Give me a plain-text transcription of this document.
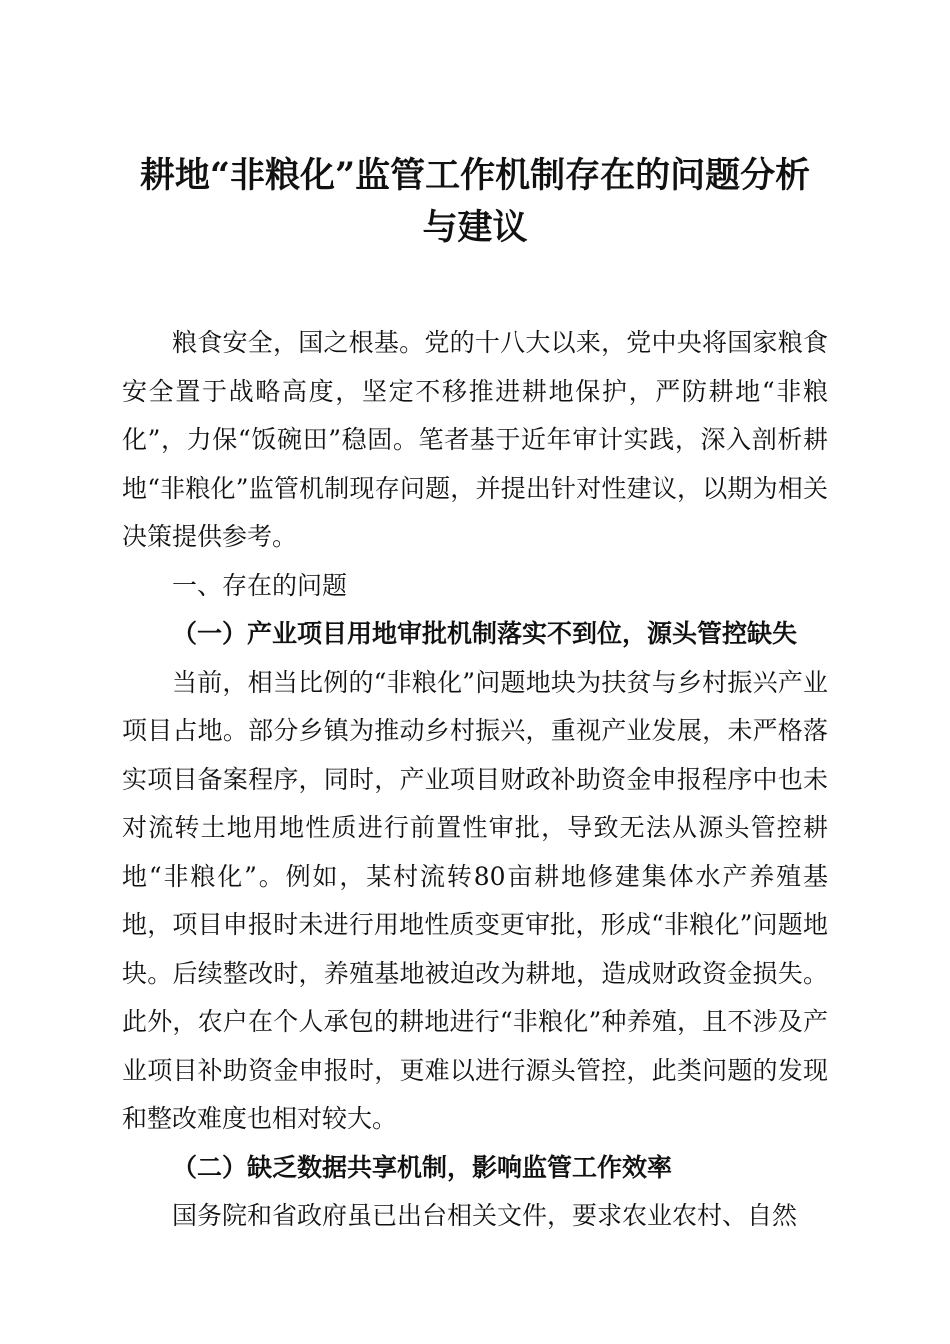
耕地“非粮化”监管工作机制存在的问题分析
与建议

粮食安全，国之根基。党的十八大以来，党中央将国家粮食安全置于战略高度，坚定不移推进耕地保护，严防耕地“非粮化”，力保“饭碗田”稳固。笔者基于近年审计实践，深入剖析耕地“非粮化”监管机制现存问题，并提出针对性建议，以期为相关决策提供参考。

一、存在的问题

（一）产业项目用地审批机制落实不到位，源头管控缺失

当前，相当比例的“非粮化”问题地块为扶贫与乡村振兴产业项目占地。部分乡镇为推动乡村振兴，重视产业发展，未严格落实项目备案程序，同时，产业项目财政补助资金申报程序中也未对流转土地用地性质进行前置性审批，导致无法从源头管控耕地“非粮化”。例如，某村流转80亩耕地修建集体水产养殖基地，项目申报时未进行用地性质变更审批，形成“非粮化”问题地块。后续整改时，养殖基地被迫改为耕地，造成财政资金损失。此外，农户在个人承包的耕地进行“非粮化”种养殖，且不涉及产业项目补助资金申报时，更难以进行源头管控，此类问题的发现和整改难度也相对较大。

（二）缺乏数据共享机制，影响监管工作效率

国务院和省政府虽已出台相关文件，要求农业农村、自然
